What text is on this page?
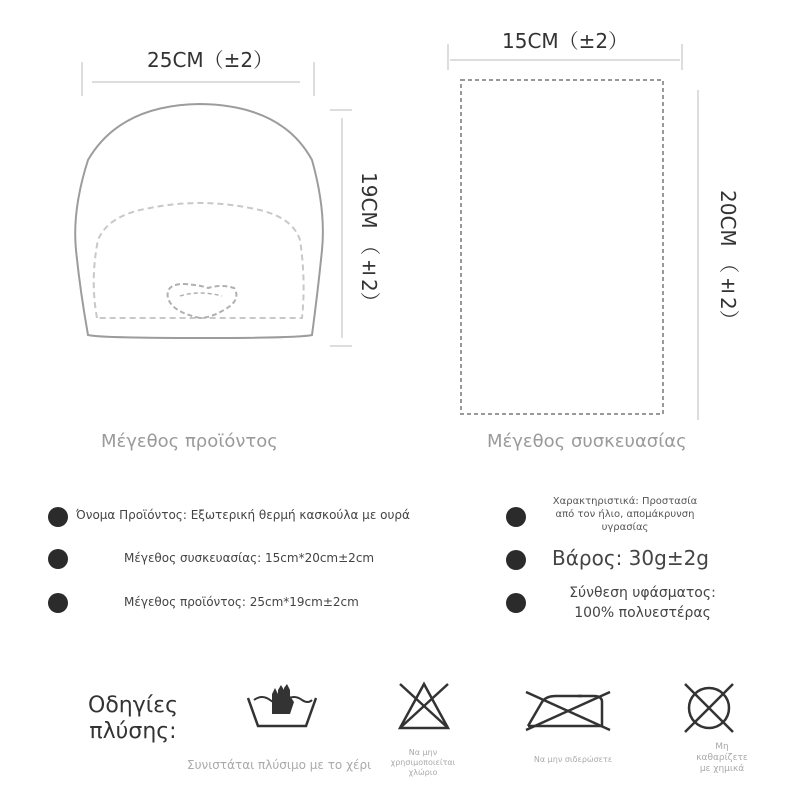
25CM（±2）
19CM （±2）
Μέγεθος προϊόντος
15CM（±2）
20CM （±2）
Μέγεθος συσκευασίας
Όνομα Προϊόντος: Εξωτερική θερμή κασκούλα με ουρά
Μέγεθος συσκευασίας: 15cm*20cm±2cm
Μέγεθος προϊόντος: 25cm*19cm±2cm
Χαρακτηριστικά: Προστασία
από τον ήλιο, απομάκρυνση
υγρασίας
Βάρος: 30g±2g
Σύνθεση υφάσματος:
100% πολυεστέρας
Οδηγίες
πλύσης:
Συνιστάται πλύσιμο με το χέρι
Να μην
χρησιμοποιείται
χλώριο
Να μην σιδερώσετε
Μη
καθαρίζετε
με χημικά
